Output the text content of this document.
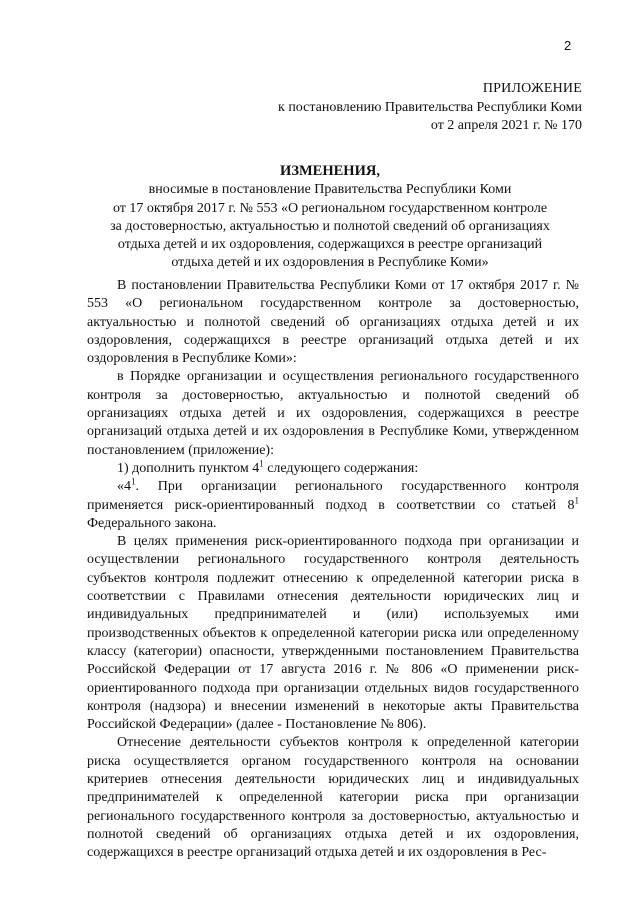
2
ПРИЛОЖЕНИЕ
к постановлению Правительства Республики Коми
от 2 апреля 2021 г. № 170
ИЗМЕНЕНИЯ,
вносимые в постановление Правительства Республики Коми
от 17 октября 2017 г. № 553 «О региональном государственном контроле
за достоверностью, актуальностью и полнотой сведений об организациях
отдыха детей и их оздоровления, содержащихся в реестре организаций
отдыха детей и их оздоровления в Республике Коми»

В постановлении Правительства Республики Коми от 17 октября 2017 г. № 553 «О региональном государственном контроле за достоверностью, актуальностью и полнотой сведений об организациях отдыха детей и их оздоровления, содержащихся в реестре организаций отдыха детей и их оздоровления в Республике Коми»:

в Порядке организации и осуществления регионального государственного контроля за достоверностью, актуальностью и полнотой сведений об организациях отдыха детей и их оздоровления, содержащихся в реестре организаций отдыха детей и их оздоровления в Республике Коми, утвержденном постановлением (приложение):

1) дополнить пунктом $4^1$ следующего содержания:

«$4^1$. При организации регионального государственного контроля применяется риск-ориентированный подход в соответствии со статьей $8^1$ Федерального закона.

В целях применения риск-ориентированного подхода при организации и осуществлении регионального государственного контроля деятельность субъектов контроля подлежит отнесению к определенной категории риска в соответствии с Правилами отнесения деятельности юридических лиц и индивидуальных предпринимателей и (или) используемых ими производственных объектов к определенной категории риска или определенному классу (категории) опасности, утвержденными постановлением Правительства Российской Федерации от 17 августа 2016 г. № 806 «О применении риск-ориентированного подхода при организации отдельных видов государственного контроля (надзора) и внесении изменений в некоторые акты Правительства Российской Федерации» (далее - Постановление № 806).

Отнесение деятельности субъектов контроля к определенной категории риска осуществляется органом государственного контроля на основании критериев отнесения деятельности юридических лиц и индивидуальных предпринимателей к определенной категории риска при организации регионального государственного контроля за достоверностью, актуальностью и полнотой сведений об организациях отдыха детей и их оздоровления, содержащихся в реестре организаций отдыха детей и их оздоровления в Рес-
